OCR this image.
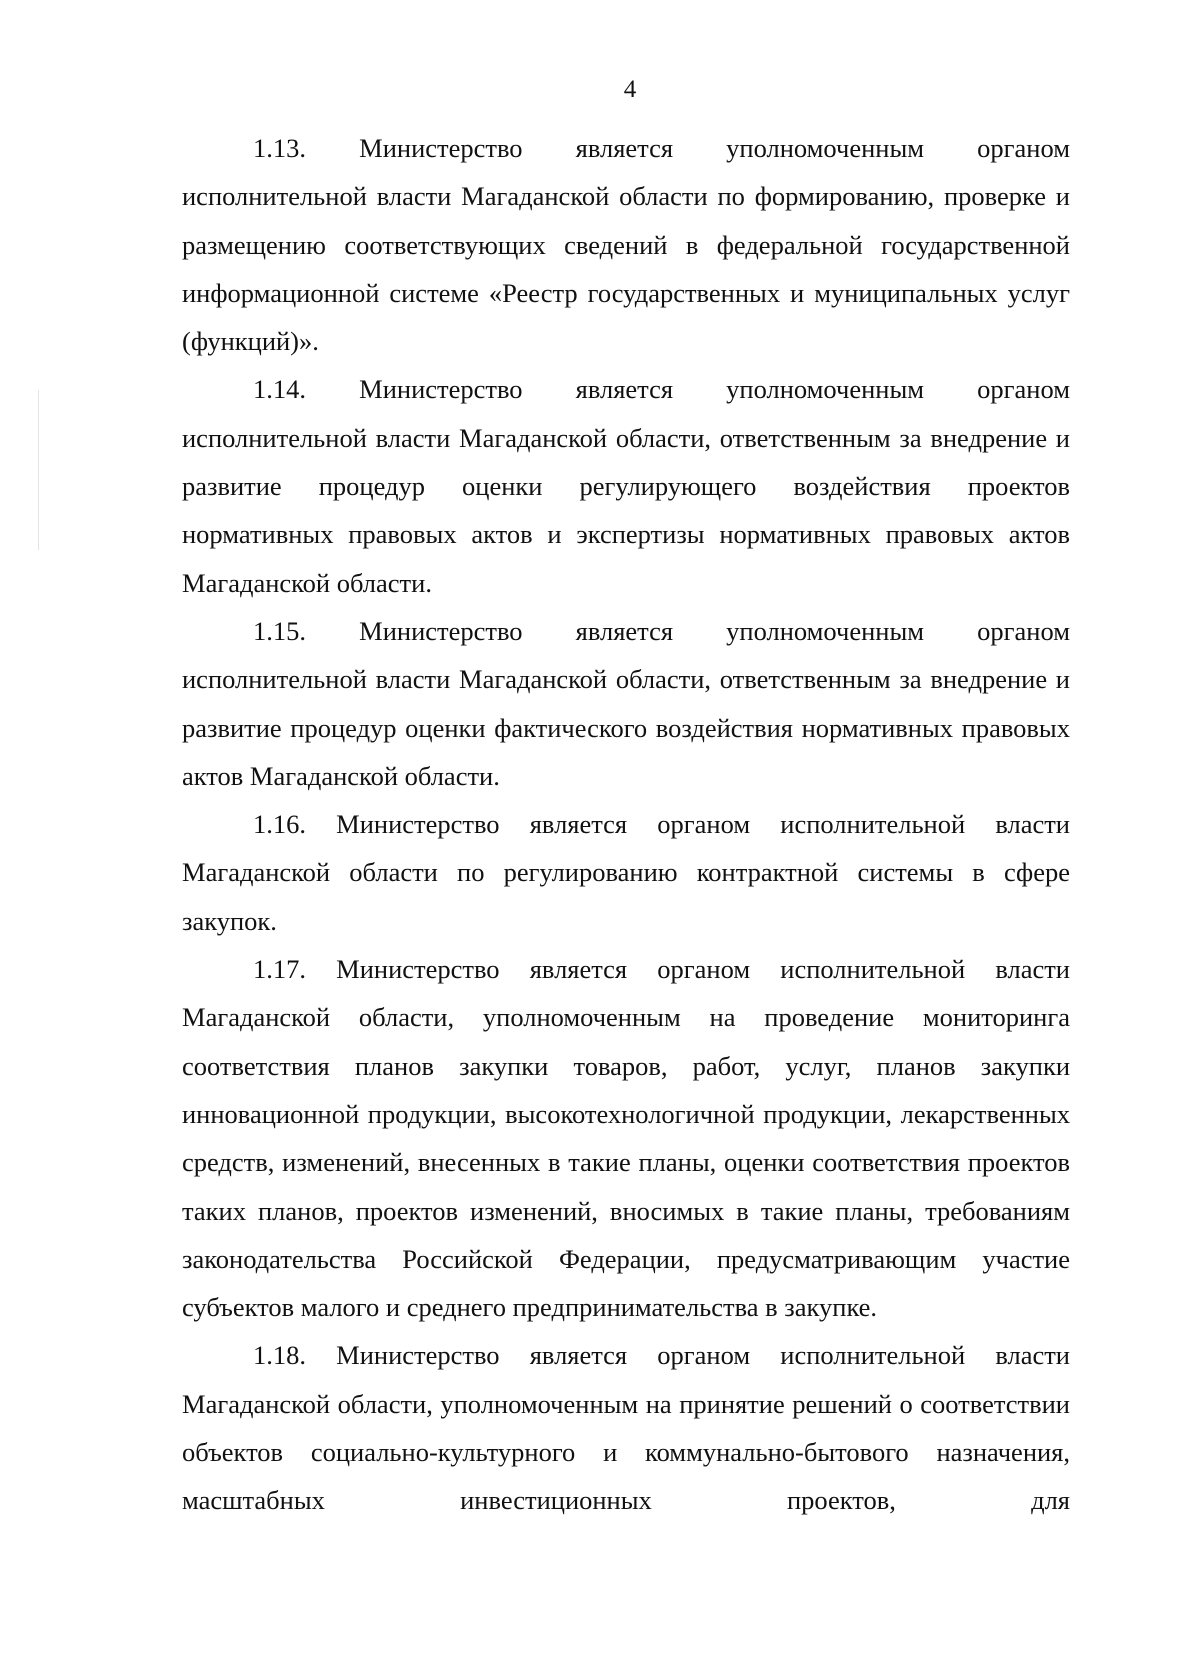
4

1.13. Министерство является уполномоченным органом исполнительной власти Магаданской области по формированию, проверке и размещению соответствующих сведений в федеральной государственной информационной системе «Реестр государственных и муниципальных услуг (функций)».

1.14. Министерство является уполномоченным органом исполнительной власти Магаданской области, ответственным за внедрение и развитие процедур оценки регулирующего воздействия проектов нормативных правовых актов и экспертизы нормативных правовых актов Магаданской области.

1.15. Министерство является уполномоченным органом исполнительной власти Магаданской области, ответственным за внедрение и развитие процедур оценки фактического воздействия нормативных правовых актов Магаданской области.

1.16. Министерство является органом исполнительной власти Магаданской области по регулированию контрактной системы в сфере закупок.

1.17. Министерство является органом исполнительной власти Магаданской области, уполномоченным на проведение мониторинга соответствия планов закупки товаров, работ, услуг, планов закупки инновационной продукции, высокотехнологичной продукции, лекарственных средств, изменений, внесенных в такие планы, оценки соответствия проектов таких планов, проектов изменений, вносимых в такие планы, требованиям законодательства Российской Федерации, предусматривающим участие субъектов малого и среднего предпринимательства в закупке.

1.18. Министерство является органом исполнительной власти Магаданской области, уполномоченным на принятие решений о соответствии объектов социально-культурного и коммунально-бытового назначения, масштабных инвестиционных проектов, для
